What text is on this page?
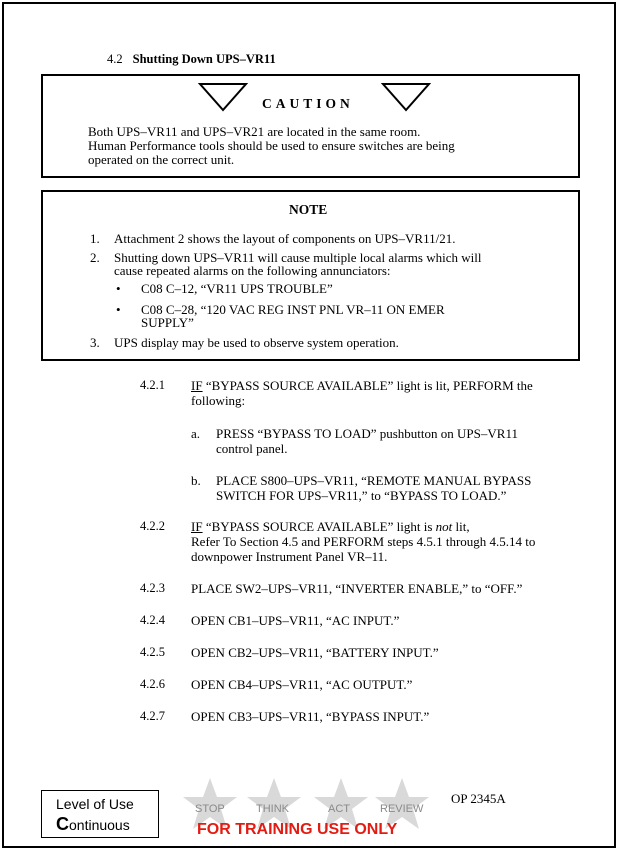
4.2 Shutting Down UPS–VR11
CAUTION
Both UPS–VR11 and UPS–VR21 are located in the same room.
Human Performance tools should be used to ensure switches are being
operated on the correct unit.
NOTE
1. Attachment 2 shows the layout of components on UPS–VR11/21.
2. Shutting down UPS–VR11 will cause multiple local alarms which will
cause repeated alarms on the following annunciators:
• C08 C–12, “VR11 UPS TROUBLE”
• C08 C–28, “120 VAC REG INST PNL VR–11 ON EMER
SUPPLY”
3. UPS display may be used to observe system operation.
4.2.1 IF “BYPASS SOURCE AVAILABLE” light is lit, PERFORM the
following:
a. PRESS “BYPASS TO LOAD” pushbutton on UPS–VR11
control panel.
b. PLACE S800–UPS–VR11, “REMOTE MANUAL BYPASS
SWITCH FOR UPS–VR11,” to “BYPASS TO LOAD.”
4.2.2 IF “BYPASS SOURCE AVAILABLE” light is not lit,
Refer To Section 4.5 and PERFORM steps 4.5.1 through 4.5.14 to
downpower Instrument Panel VR–11.
4.2.3 PLACE SW2–UPS–VR11, “INVERTER ENABLE,” to “OFF.”
4.2.4 OPEN CB1–UPS–VR11, “AC INPUT.”
4.2.5 OPEN CB2–UPS–VR11, “BATTERY INPUT.”
4.2.6 OPEN CB4–UPS–VR11, “AC OUTPUT.”
4.2.7 OPEN CB3–UPS–VR11, “BYPASS INPUT.”
Level of Use
Continuous
STOP	THINK	ACT	REVIEW
FOR TRAINING USE ONLY
OP 2345A
